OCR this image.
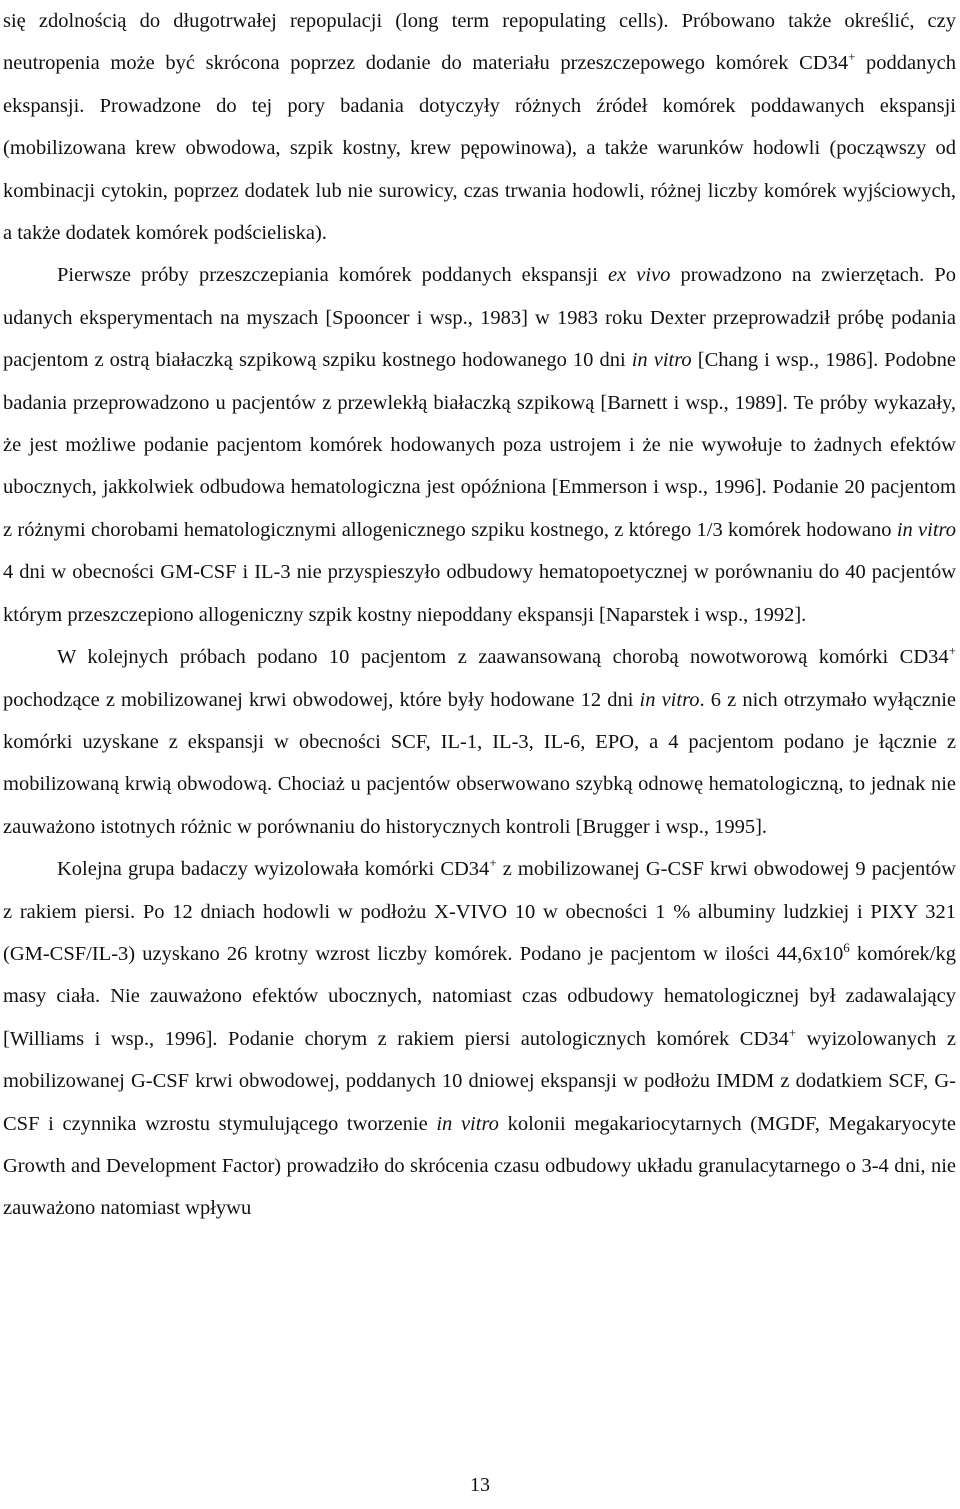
się zdolnością do długotrwałej repopulacji (long term repopulating cells). Próbowano także określić, czy neutropenia może być skrócona poprzez dodanie do materiału przeszczepowego komórek CD34+ poddanych ekspansji. Prowadzone do tej pory badania dotyczyły różnych źródeł komórek poddawanych ekspansji (mobilizowana krew obwodowa, szpik kostny, krew pępowinowa), a także warunków hodowli (począwszy od kombinacji cytokin, poprzez dodatek lub nie surowicy, czas trwania hodowli, różnej liczby komórek wyjściowych, a także dodatek komórek podścieliska).

Pierwsze próby przeszczepiania komórek poddanych ekspansji ex vivo prowadzono na zwierzętach. Po udanych eksperymentach na myszach [Spooncer i wsp., 1983] w 1983 roku Dexter przeprowadził próbę podania pacjentom z ostrą białaczką szpikową szpiku kostnego hodowanego 10 dni in vitro [Chang i wsp., 1986]. Podobne badania przeprowadzono u pacjentów z przewlekłą białaczką szpikową [Barnett i wsp., 1989]. Te próby wykazały, że jest możliwe podanie pacjentom komórek hodowanych poza ustrojem i że nie wywołuje to żadnych efektów ubocznych, jakkolwiek odbudowa hematologiczna jest opóźniona [Emmerson i wsp., 1996]. Podanie 20 pacjentom z różnymi chorobami hematologicznymi allogenicznego szpiku kostnego, z którego 1/3 komórek hodowano in vitro 4 dni w obecności GM-CSF i IL-3 nie przyspieszyło odbudowy hematopoetycznej w porównaniu do 40 pacjentów którym przeszczepiono allogeniczny szpik kostny niepoddany ekspansji [Naparstek i wsp., 1992].

W kolejnych próbach podano 10 pacjentom z zaawansowaną chorobą nowotworową komórki CD34+ pochodzące z mobilizowanej krwi obwodowej, które były hodowane 12 dni in vitro. 6 z nich otrzymało wyłącznie komórki uzyskane z ekspansji w obecności SCF, IL-1, IL-3, IL-6, EPO, a 4 pacjentom podano je łącznie z mobilizowaną krwią obwodową. Chociaż u pacjentów obserwowano szybką odnowę hematologiczną, to jednak nie zauważono istotnych różnic w porównaniu do historycznych kontroli [Brugger i wsp., 1995].

Kolejna grupa badaczy wyizolowała komórki CD34+ z mobilizowanej G-CSF krwi obwodowej 9 pacjentów z rakiem piersi. Po 12 dniach hodowli w podłożu X-VIVO 10 w obecności 1 % albuminy ludzkiej i PIXY 321 (GM-CSF/IL-3) uzyskano 26 krotny wzrost liczby komórek. Podano je pacjentom w ilości $44,6x10^6$ komórek/kg masy ciała. Nie zauważono efektów ubocznych, natomiast czas odbudowy hematologicznej był zadawalający [Williams i wsp., 1996]. Podanie chorym z rakiem piersi autologicznych komórek CD34+ wyizolowanych z mobilizowanej G-CSF krwi obwodowej, poddanych 10 dniowej ekspansji w podłożu IMDM z dodatkiem SCF, G-CSF i czynnika wzrostu stymulującego tworzenie in vitro kolonii megakariocytarnych (MGDF, Megakaryocyte Growth and Development Factor) prowadziło do skrócenia czasu odbudowy układu granulacytarnego o 3-4 dni, nie zauważono natomiast wpływu

13
